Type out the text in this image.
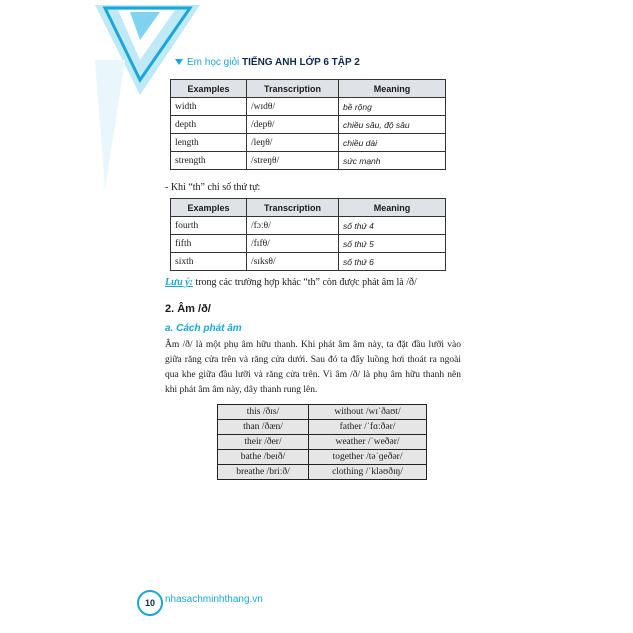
Em học giỏi TIẾNG ANH LỚP 6 TẬP 2
Examples	Transcription	Meaning
width	/wɪdθ/	bề rộng
depth	/depθ/	chiều sâu, độ sâu
length	/leŋθ/	chiều dài
strength	/streŋθ/	sức mạnh
- Khi “th” chỉ số thứ tự:
Examples	Transcription	Meaning
fourth	/fɔːθ/	số thứ 4
fifth	/fɪfθ/	số thứ 5
sixth	/sɪksθ/	số thứ 6
Lưu ý: trong các trường hợp khác “th” còn được phát âm là /ð/
2. Âm /ð/
a. Cách phát âm
Âm /ð/ là một phụ âm hữu thanh. Khi phát âm âm này, ta đặt đầu lưỡi vào giữa răng cửa trên và răng cửa dưới. Sau đó ta đẩy luồng hơi thoát ra ngoài qua khe giữa đầu lưỡi và răng cửa trên. Vì âm /ð/ là phụ âm hữu thanh nên khi phát âm âm này, dây thanh rung lên.
this /ðɪs/	without /wɪˈðaʊt/
than /ðæn/	father /ˈfɑːðər/
their /ðer/	weather /ˈweðər/
bathe /beɪð/	together /təˈɡeðər/
breathe /briːð/	clothing /ˈkləʊðɪŋ/
10	nhasachminhthang.vn
